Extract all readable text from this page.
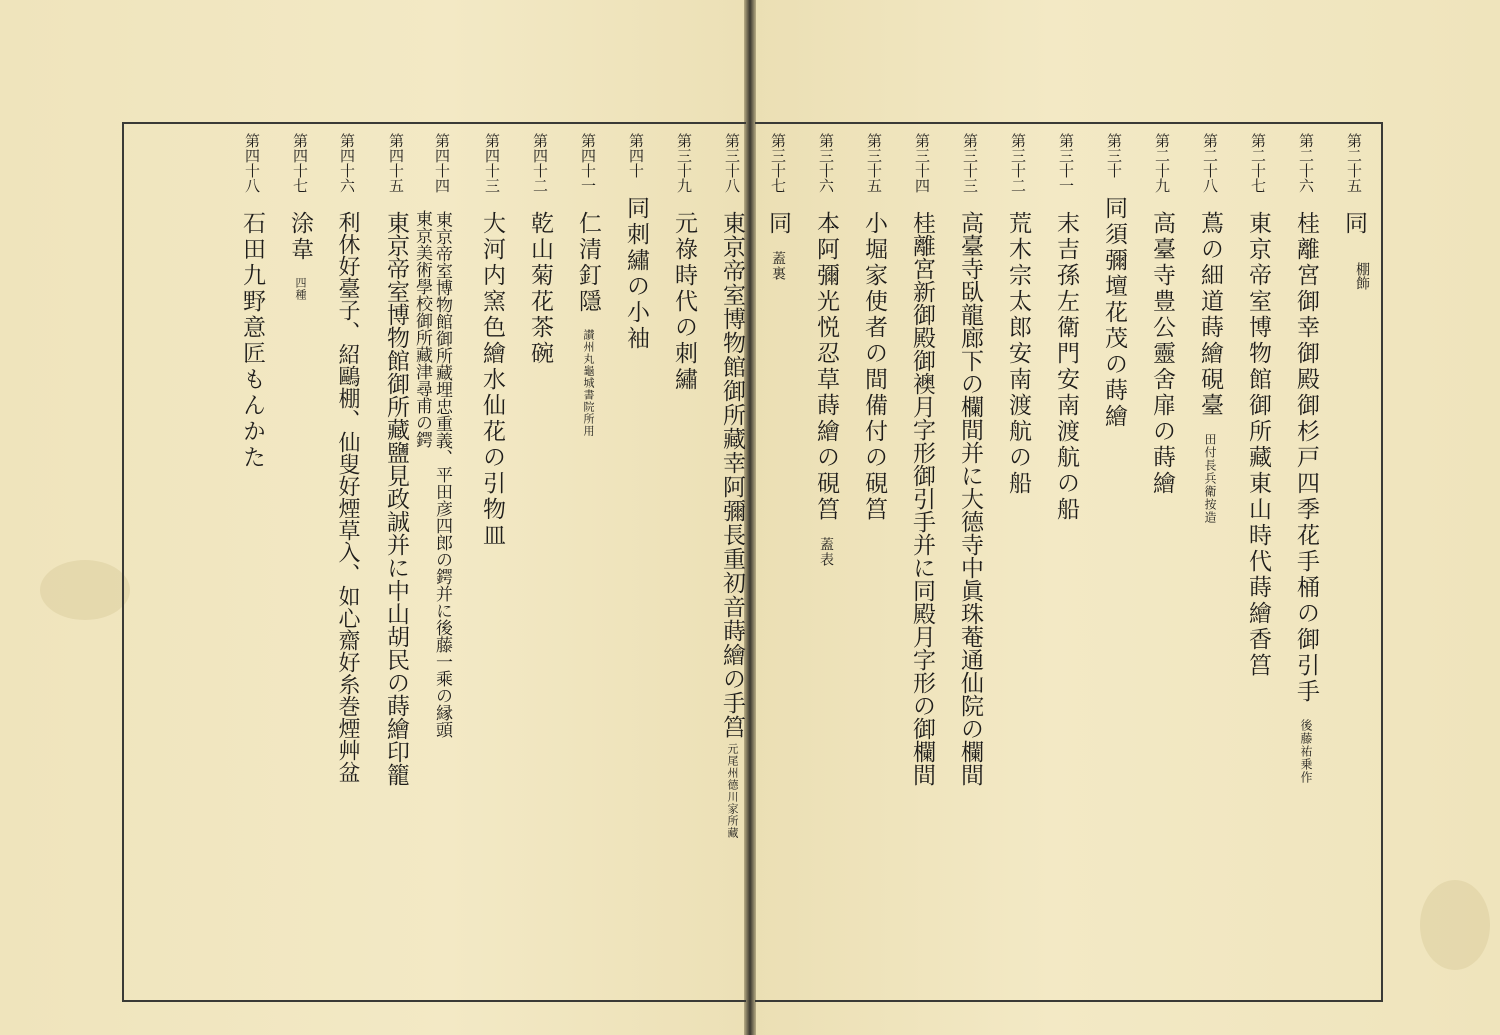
棚飾
第二十五同
第二十六桂離宮御幸御殿御杉戸四季花手桶の御引手後藤祐乗作
第二十七東京帝室博物館御所藏東山時代蒔繪香筥
第二十八蔦の細道蒔繪硯臺田付長兵衛按造
第二十九高臺寺豊公靈舍扉の蒔繪
第三十同須彌壇花茂の蒔繪
第三十一末吉孫左衛門安南渡航の船
第三十二荒木宗太郎安南渡航の船
第三十三高臺寺臥龍廊下の欄間并に大德寺中眞珠菴通仙院の欄間
第三十四桂離宮新御殿御襖月字形御引手并に同殿月字形の御欄間
第三十五小堀家使者の間備付の硯筥
第三十六本阿彌光悦忍草蒔繪の硯筥蓋表
第三十七同蓋裏
第三十八東京帝室博物館御所藏幸阿彌長重初音蒔繪の手筥元尾州德川家所藏
第三十九元祿時代の刺繡
第四十同刺繡の小袖
第四十一仁清釘隱讃州丸龜城書院所用
第四十二乾山菊花茶碗
第四十三大河内窯色繪水仙花の引物皿
第四十四東京帝室博物館御所藏埋忠重義、平田彦四郎の鍔并に後藤一乘の縁頭
東京美術學校御所藏津尋甫の鍔
第四十五東京帝室博物館御所藏鹽見政誠并に中山胡民の蒔繪印籠
第四十六利休好臺子、紹鷗棚、仙叟好煙草入、如心齋好糸巻煙艸盆
第四十七涂韋四種
第四十八石田九野意匠もんかた
